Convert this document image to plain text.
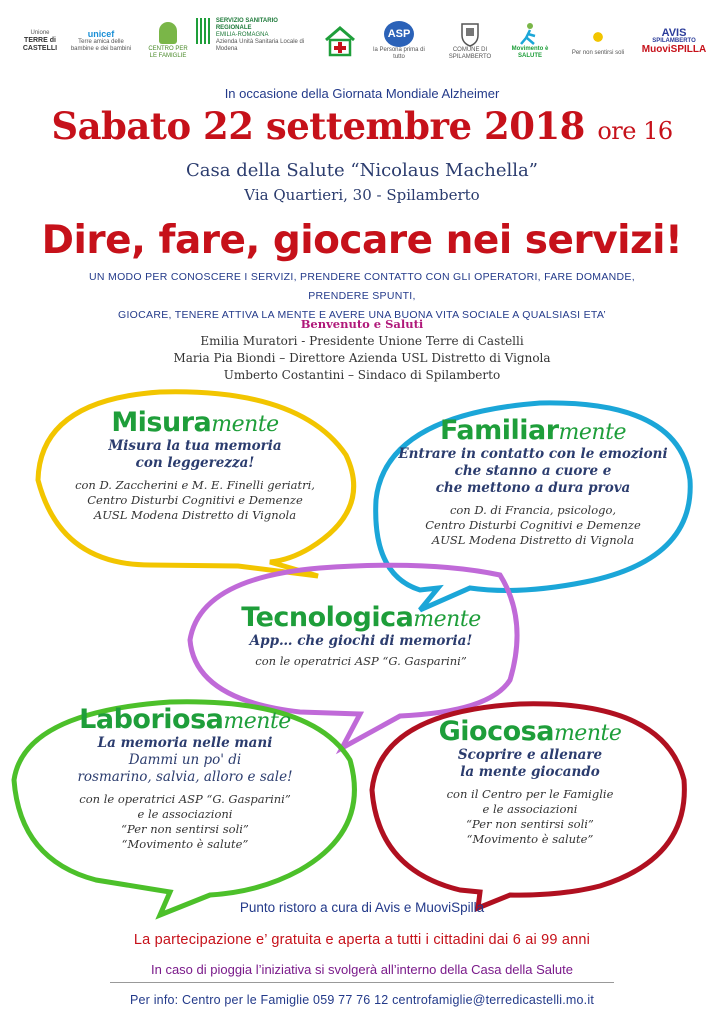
Unione
TERRE di CASTELLI
unicef
Terre amica delle bambine e dei bambini	CENTRO PER LE FAMIGLIE
SERVIZIO SANITARIO REGIONALE
EMILIA-ROMAGNA
Azienda Unità Sanitaria Locale di Modena
ASP
la Persona prima di tutto
COMUNE DI SPILAMBERTO
Movimento è SALUTE
Per non sentirsi soli
AVIS
SPILAMBERTO
MuoviSPILLA
In occasione della Giornata Mondiale Alzheimer
Sabato 22 settembre 2018 ore 16
Casa della Salute “Nicolaus Machella”
Via Quartieri, 30 - Spilamberto
Dire, fare, giocare nei servizi!
UN MODO PER CONOSCERE I SERVIZI, PRENDERE CONTATTO CON GLI OPERATORI, FARE DOMANDE, PRENDERE SPUNTI,
GIOCARE, TENERE ATTIVA LA MENTE E AVERE UNA BUONA VITA SOCIALE A QUALSIASI ETA’
Benvenuto e Saluti
Emilia Muratori - Presidente Unione Terre di Castelli
Maria Pia Biondi – Direttore Azienda USL Distretto di Vignola
Umberto Costantini – Sindaco di Spilamberto
Misuramente
Misura la tua memoria
con leggerezza!
con D. Zaccherini e M. E. Finelli geriatri,
Centro Disturbi Cognitivi e Demenze
AUSL Modena Distretto di Vignola
Familiarmente
Entrare in contatto con le emozioni
che stanno a cuore e
che mettono a dura prova
con D. di Francia, psicologo,
Centro Disturbi Cognitivi e Demenze
AUSL Modena Distretto di Vignola
Tecnologicamente
App… che giochi di memoria!
con le operatrici ASP “G. Gasparini”
Laboriosamente
La memoria nelle mani
Dammi un po' di
rosmarino, salvia, alloro e sale!
con le operatrici ASP “G. Gasparini”
e le associazioni
“Per non sentirsi soli”
“Movimento è salute”
Giocosamente
Scoprire e allenare
la mente giocando
con il Centro per le Famiglie
e le associazioni
“Per non sentirsi soli”
“Movimento è salute”
Punto ristoro a cura di Avis e MuoviSpilla
La partecipazione e’ gratuita e aperta a tutti i cittadini dai 6 ai 99 anni
In caso di pioggia l’iniziativa si svolgerà all’interno della Casa della Salute
Per info: Centro per le Famiglie 059 77 76 12 centrofamiglie@terredicastelli.mo.it
